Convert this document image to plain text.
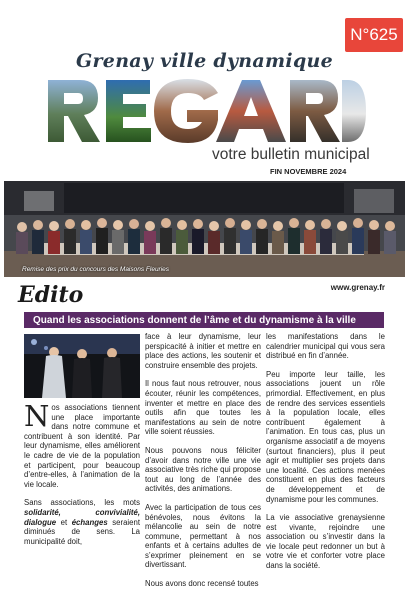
N°625
Grenay ville dynamique
votre bulletin municipal
FIN NOVEMBRE 2024
Remise des prix du concours des Maisons Fleuries
Edito	www.grenay.fr
Quand les associations donnent de l’âme et du dynamisme à la ville

N os associations tiennent une place importante dans notre commune et contribuent à son identité. Par leur dynamisme, elles améliorent le cadre de vie de la population et participent, pour beaucoup d’entre-elles, à l’animation de la vie locale.

Sans associations, les mots solidarité, convivialité, dialogue et échanges seraient diminués de sens. La municipalité doit,

face à leur dynamisme, leur perspicacité à initier et mettre en place des actions, les soutenir et construire ensemble des projets.

Il nous faut nous retrouver, nous écouter, réunir les compétences, inventer et mettre en place des outils afin que toutes les manifestations au sein de notre ville soient réussies.

Nous pouvons nous féliciter d’avoir dans notre ville une vie associative très riche qui propose tout au long de l’année des activités, des animations.

Avec la participation de tous ces bénévoles, nous évitons la mélancolie au sein de notre commune, permettant à nos enfants et à certains adultes de s’exprimer pleinement en se divertissant.

Nous avons donc recensé toutes

les manifestations dans le calendrier municipal qui vous sera distribué en fin d’année.

Peu importe leur taille, les associations jouent un rôle primordial. Effectivement, en plus de rendre des services essentiels à la population locale, elles contribuent également à l’animation. En tous cas, plus un organisme associatif a de moyens (surtout financiers), plus il peut agir et multiplier ses projets dans une localité. Ces actions menées constituent en plus des facteurs de développement et de dynamisme pour les communes.

La vie associative grenaysienne est vivante, rejoindre une association ou s’investir dans la vie locale peut redonner un but à votre vie et conforter votre place dans la société.
